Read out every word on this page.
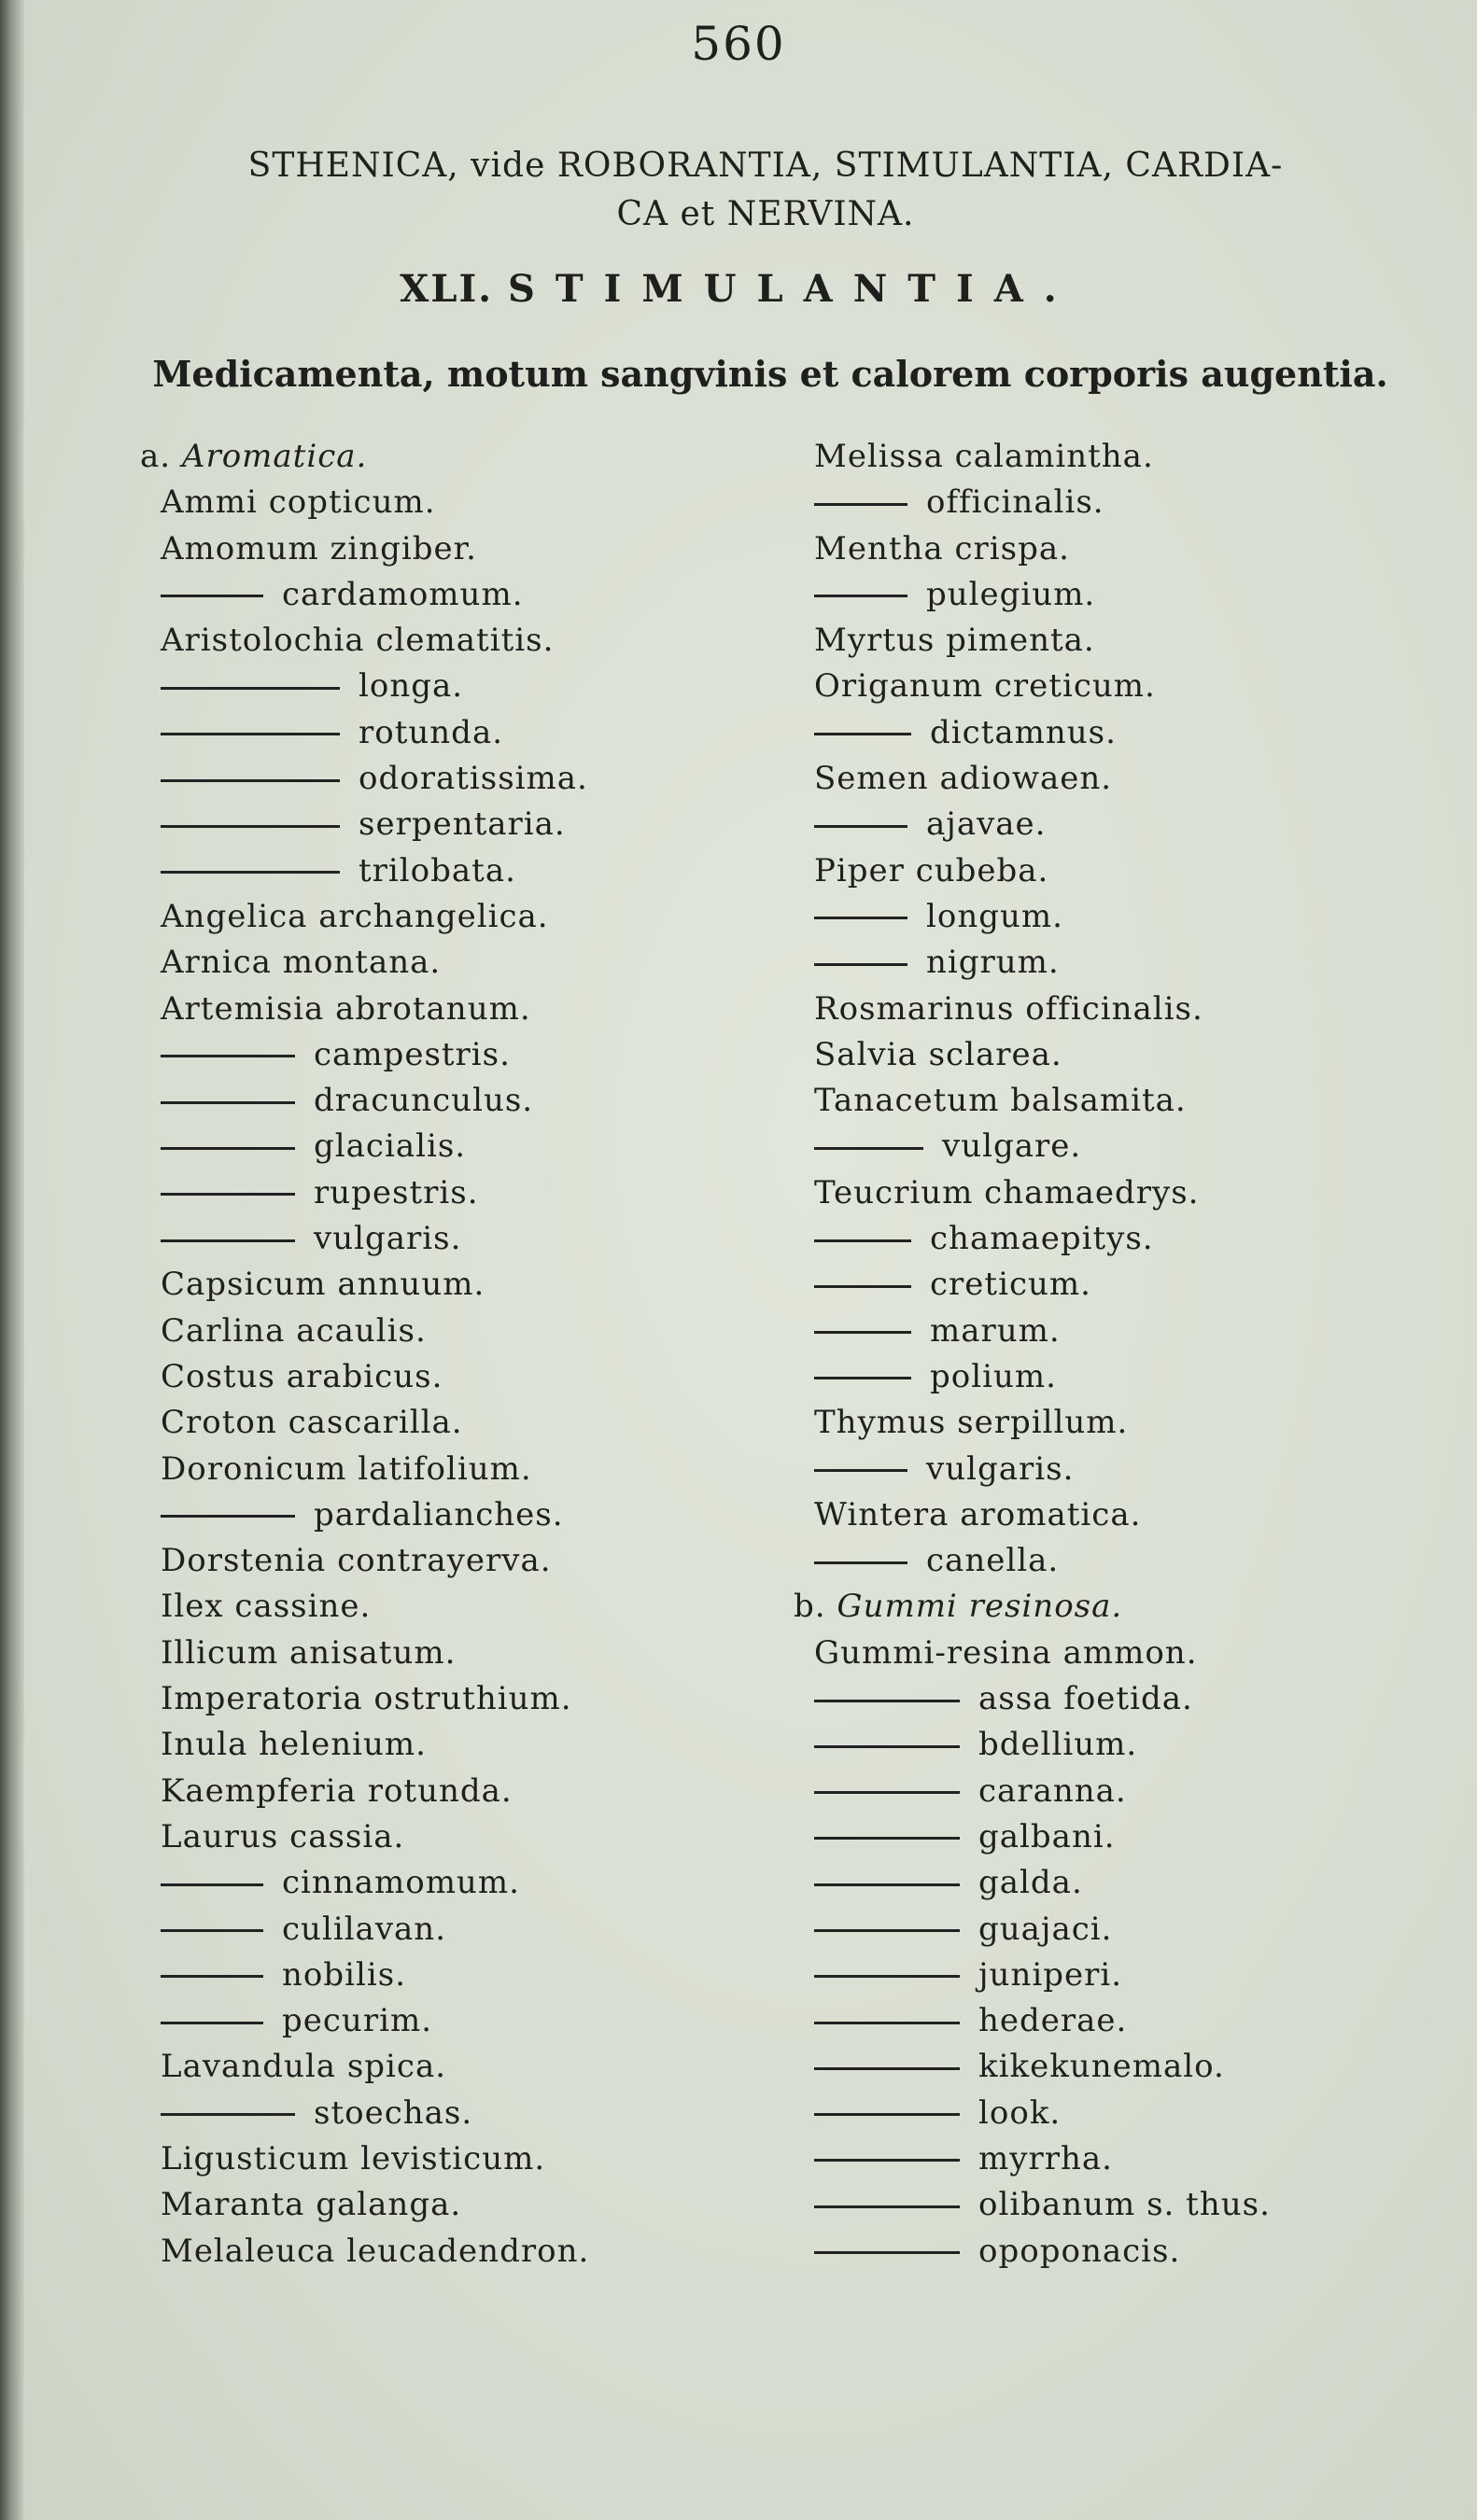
560
STHENICA, vide ROBORANTIA, STIMULANTIA, CARDIA-
CA et NERVINA.
XLI. STIMULANTIA.
Medicamenta, motum sangvinis et calorem corporis augentia.
a. Aromatica.
Ammi copticum.
Amomum zingiber.
cardamomum.
Aristolochia clematitis.
longa.
rotunda.
odoratissima.
serpentaria.
trilobata.
Angelica archangelica.
Arnica montana.
Artemisia abrotanum.
campestris.
dracunculus.
glacialis.
rupestris.
vulgaris.
Capsicum annuum.
Carlina acaulis.
Costus arabicus.
Croton cascarilla.
Doronicum latifolium.
pardalianches.
Dorstenia contrayerva.
Ilex cassine.
Illicum anisatum.
Imperatoria ostruthium.
Inula helenium.
Kaempferia rotunda.
Laurus cassia.
cinnamomum.
culilavan.
nobilis.
pecurim.
Lavandula spica.
stoechas.
Ligusticum levisticum.
Maranta galanga.
Melaleuca leucadendron.
Melissa calamintha.
officinalis.
Mentha crispa.
pulegium.
Myrtus pimenta.
Origanum creticum.
dictamnus.
Semen adiowaen.
ajavae.
Piper cubeba.
longum.
nigrum.
Rosmarinus officinalis.
Salvia sclarea.
Tanacetum balsamita.
vulgare.
Teucrium chamaedrys.
chamaepitys.
creticum.
marum.
polium.
Thymus serpillum.
vulgaris.
Wintera aromatica.
canella.
b. Gummi resinosa.
Gummi-resina ammon.
assa foetida.
bdellium.
caranna.
galbani.
galda.
guajaci.
juniperi.
hederae.
kikekunemalo.
look.
myrrha.
olibanum s. thus.
opoponacis.
